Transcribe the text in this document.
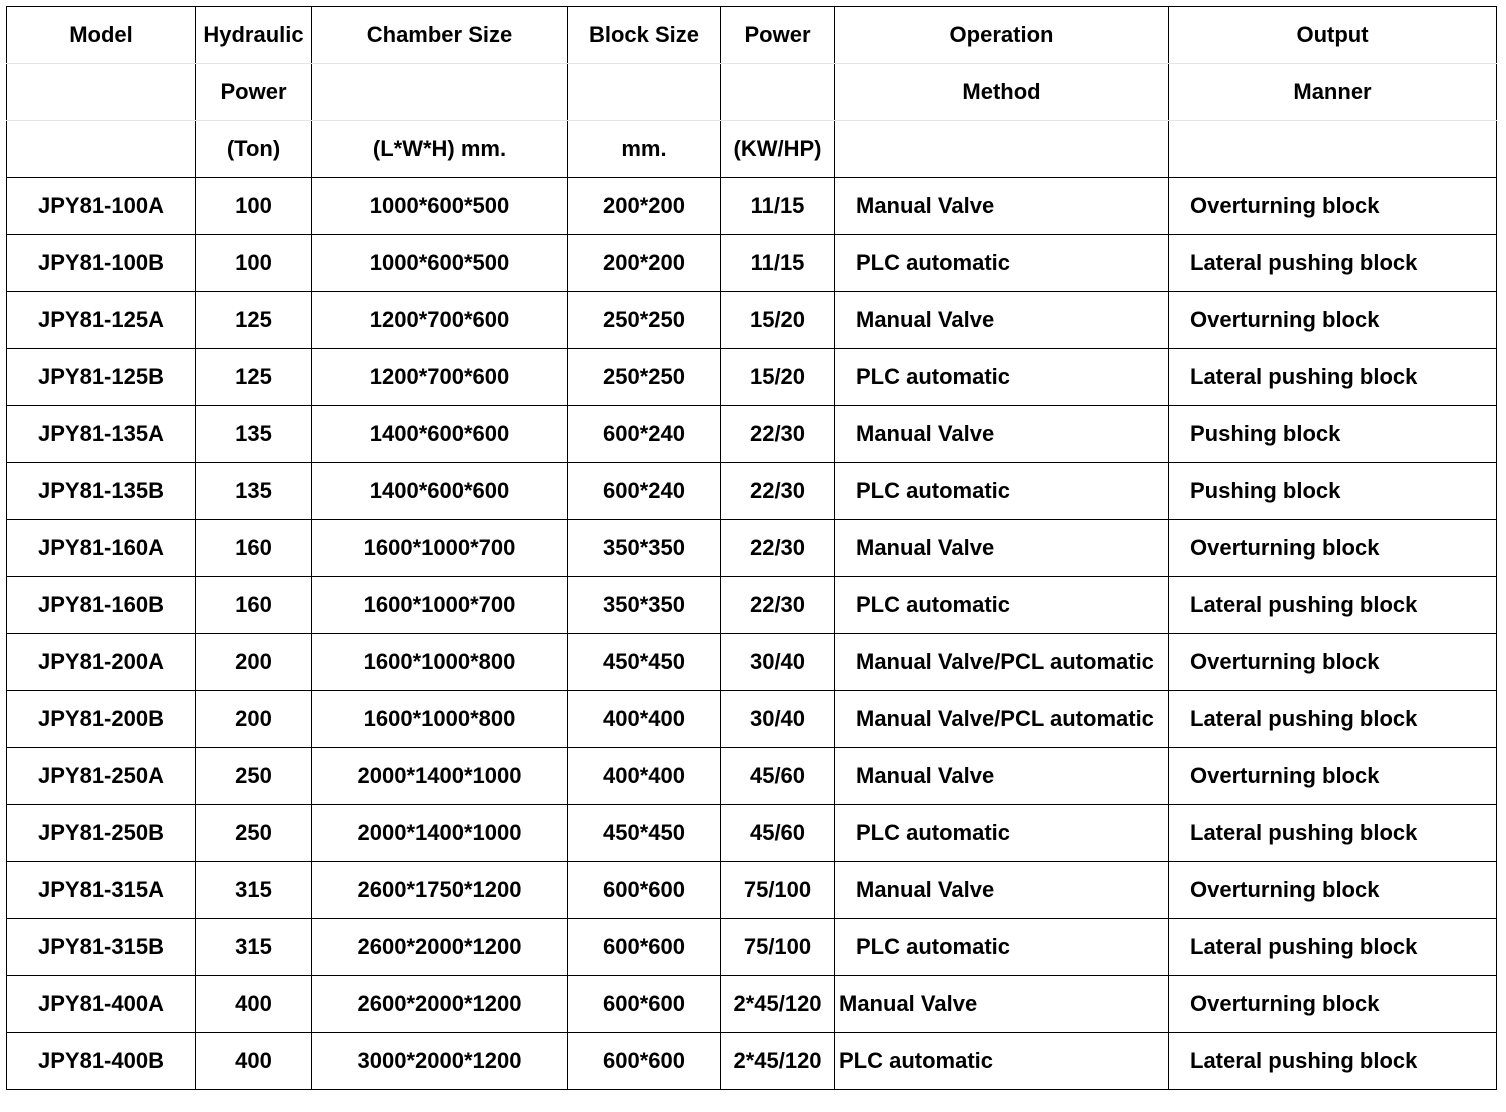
Model	Hydraulic	Chamber Size	Block Size	Power	Operation	Output
	Power				Method	Manner
	(Ton)	(L*W*H) mm.	mm.	(KW/HP)		
JPY81-100A	100	1000*600*500	200*200	11/15	Manual Valve	Overturning block
JPY81-100B	100	1000*600*500	200*200	11/15	PLC automatic	Lateral pushing block
JPY81-125A	125	1200*700*600	250*250	15/20	Manual Valve	Overturning block
JPY81-125B	125	1200*700*600	250*250	15/20	PLC automatic	Lateral pushing block
JPY81-135A	135	1400*600*600	600*240	22/30	Manual Valve	Pushing block
JPY81-135B	135	1400*600*600	600*240	22/30	PLC automatic	Pushing block
JPY81-160A	160	1600*1000*700	350*350	22/30	Manual Valve	Overturning block
JPY81-160B	160	1600*1000*700	350*350	22/30	PLC automatic	Lateral pushing block
JPY81-200A	200	1600*1000*800	450*450	30/40	Manual Valve/PCL automatic	Overturning block
JPY81-200B	200	1600*1000*800	400*400	30/40	Manual Valve/PCL automatic	Lateral pushing block
JPY81-250A	250	2000*1400*1000	400*400	45/60	Manual Valve	Overturning block
JPY81-250B	250	2000*1400*1000	450*450	45/60	PLC automatic	Lateral pushing block
JPY81-315A	315	2600*1750*1200	600*600	75/100	Manual Valve	Overturning block
JPY81-315B	315	2600*2000*1200	600*600	75/100	PLC automatic	Lateral pushing block
JPY81-400A	400	2600*2000*1200	600*600	2*45/120	Manual Valve	Overturning block
JPY81-400B	400	3000*2000*1200	600*600	2*45/120	PLC automatic	Lateral pushing block
